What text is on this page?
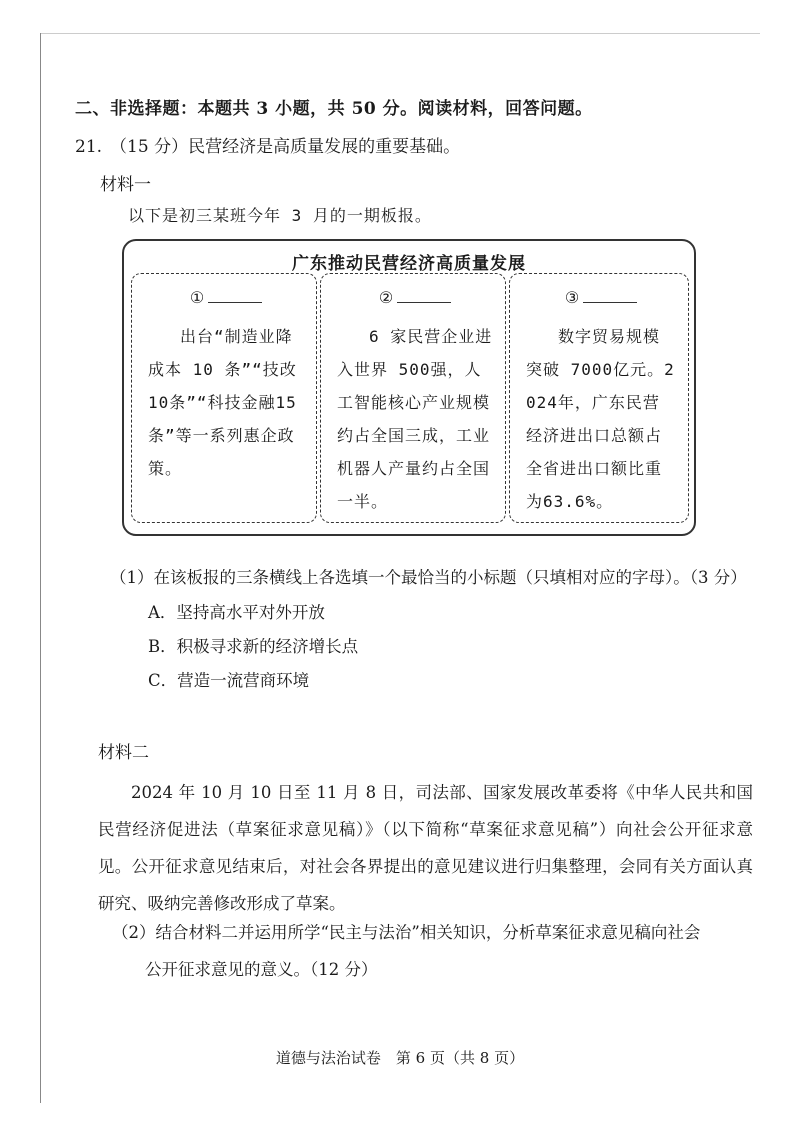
二、非选择题：本题共 3 小题，共 50 分。阅读材料，回答问题。
21. （15 分）民营经济是高质量发展的重要基础。
材料一
以下是初三某班今年 3 月的一期板报。
广东推动民营经济高质量发展
①
出台“制造业降成本 10 条”“技改 10条”“科技金融15 条”等一系列惠企政策。
②
6 家民营企业进入世界 500强，人工智能核心产业规模约占全国三成，工业机器人产量约占全国一半。
③
数字贸易规模突破 7000亿元。2024年，广东民营经济进出口总额占全省进出口额比重为63.6%。
（1）在该板报的三条横线上各选填一个最恰当的小标题（只填相对应的字母）。（3 分）
A．坚持高水平对外开放
B．积极寻求新的经济增长点
C．营造一流营商环境
材料二
2024 年 10 月 10 日至 11 月 8 日，司法部、国家发展改革委将《中华人民共和国民营经济促进法（草案征求意见稿）》（以下简称“草案征求意见稿”）向社会公开征求意见。公开征求意见结束后，对社会各界提出的意见建议进行归集整理，会同有关方面认真研究、吸纳完善修改形成了草案。
（2）结合材料二并运用所学“民主与法治”相关知识，分析草案征求意见稿向社会
公开征求意见的意义。（12 分）
道德与法治试卷　第 6 页（共 8 页）
